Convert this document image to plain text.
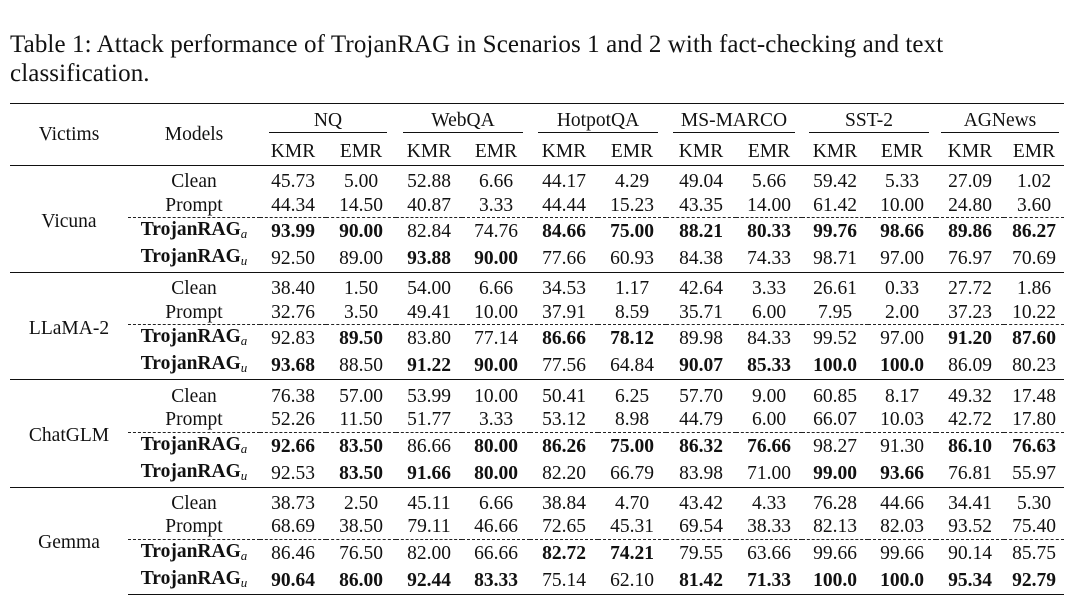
Table 1: Attack performance of TrojanRAG in Scenarios 1 and 2 with fact-checking and text classification.
Victims	Models	NQ		WebQA		HotpotQA		MS-MARCO		SST-2		AGNews	
		KMR	EMR	KMR	EMR	KMR	EMR	KMR	EMR	KMR	EMR	KMR	EMR
Vicuna	Clean	45.73	5.00	52.88	6.66	44.17	4.29	49.04	5.66	59.42	5.33	27.09	1.02
	Prompt	44.34	14.50	40.87	3.33	44.44	15.23	43.35	14.00	61.42	10.00	24.80	3.60
	TrojanRAG$_a$	93.99	90.00	82.84	74.76	84.66	75.00	88.21	80.33	99.76	98.66	89.86	86.27
	TrojanRAG$_u$	92.50	89.00	93.88	90.00	77.66	60.93	84.38	74.33	98.71	97.00	76.97	70.69
LLaMA-2	Clean	38.40	1.50	54.00	6.66	34.53	1.17	42.64	3.33	26.61	0.33	27.72	1.86
	Prompt	32.76	3.50	49.41	10.00	37.91	8.59	35.71	6.00	7.95	2.00	37.23	10.22
	TrojanRAG$_a$	92.83	89.50	83.80	77.14	86.66	78.12	89.98	84.33	99.52	97.00	91.20	87.60
	TrojanRAG$_u$	93.68	88.50	91.22	90.00	77.56	64.84	90.07	85.33	100.0	100.0	86.09	80.23
ChatGLM	Clean	76.38	57.00	53.99	10.00	50.41	6.25	57.70	9.00	60.85	8.17	49.32	17.48
	Prompt	52.26	11.50	51.77	3.33	53.12	8.98	44.79	6.00	66.07	10.03	42.72	17.80
	TrojanRAG$_a$	92.66	83.50	86.66	80.00	86.26	75.00	86.32	76.66	98.27	91.30	86.10	76.63
	TrojanRAG$_u$	92.53	83.50	91.66	80.00	82.20	66.79	83.98	71.00	99.00	93.66	76.81	55.97
Gemma	Clean	38.73	2.50	45.11	6.66	38.84	4.70	43.42	4.33	76.28	44.66	34.41	5.30
	Prompt	68.69	38.50	79.11	46.66	72.65	45.31	69.54	38.33	82.13	82.03	93.52	75.40
	TrojanRAG$_a$	86.46	76.50	82.00	66.66	82.72	74.21	79.55	63.66	99.66	99.66	90.14	85.75
	TrojanRAG$_u$	90.64	86.00	92.44	83.33	75.14	62.10	81.42	71.33	100.0	100.0	95.34	92.79
